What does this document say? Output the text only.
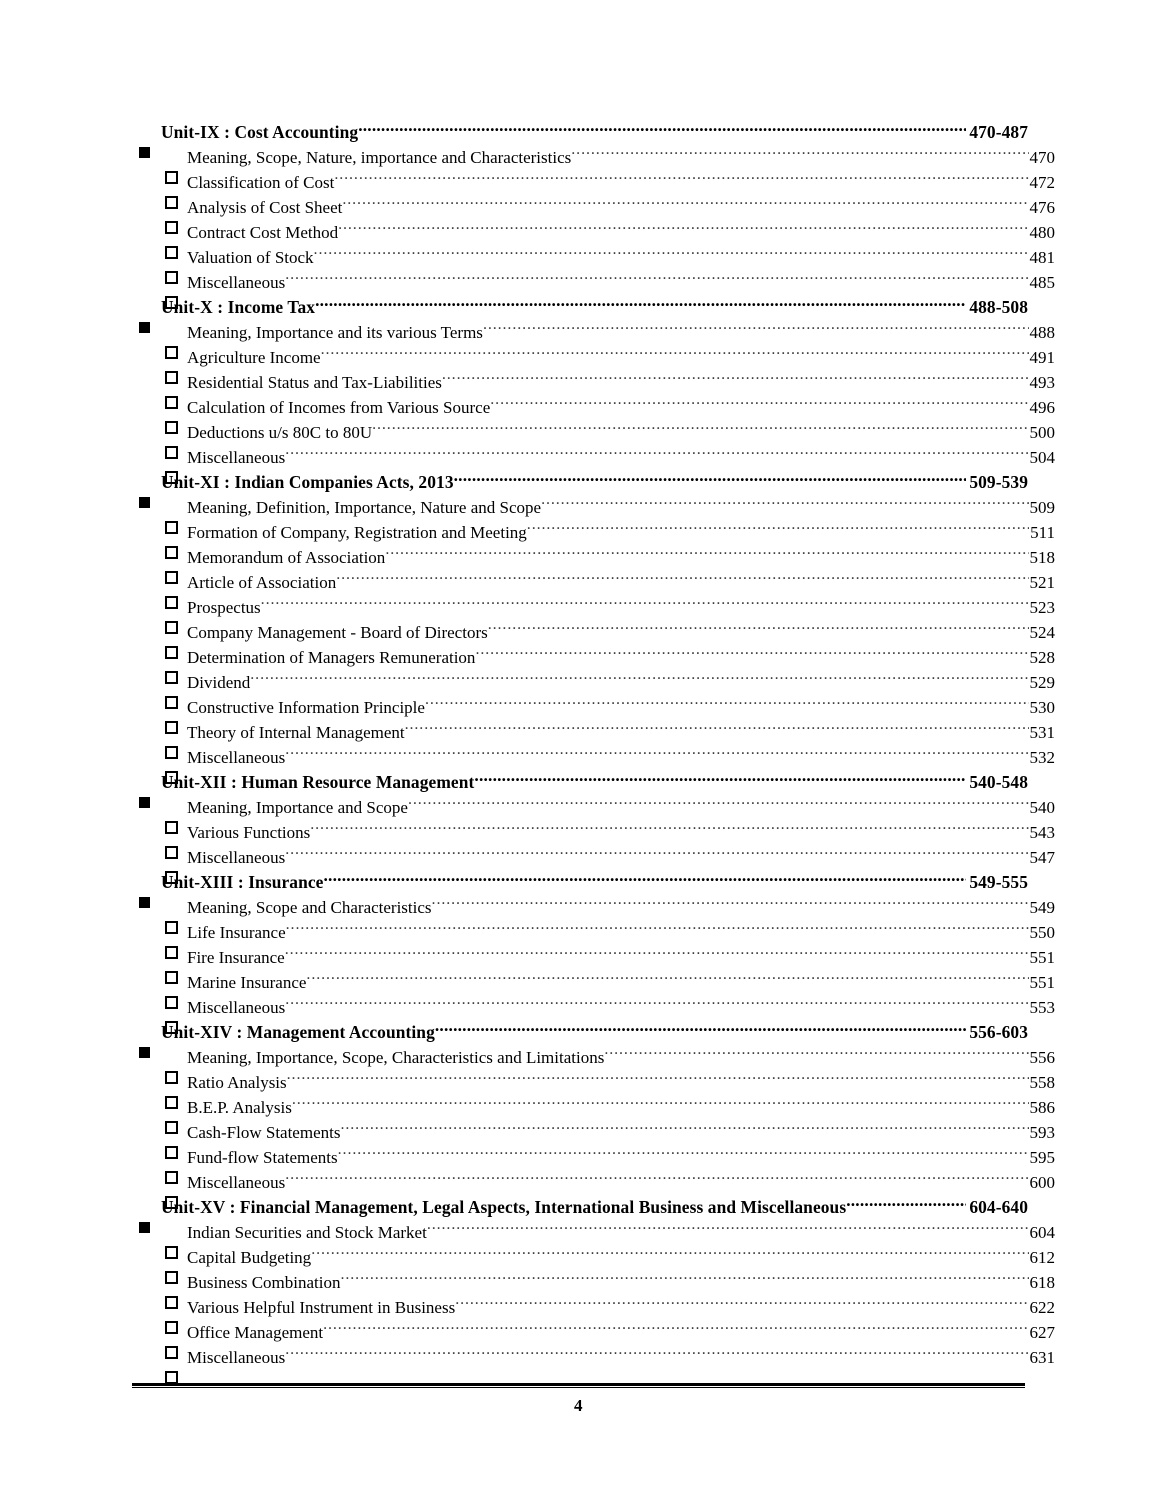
Unit-IX : Cost Accounting .....	470-487
Meaning, Scope, Nature, importance and Characteristics .....	470
Classification of Cost .....	472
Analysis of Cost Sheet .....	476
Contract Cost Method .....	480
Valuation of Stock .....	481
Miscellaneous .....	485
Unit-X : Income Tax .....	488-508
Meaning, Importance and its various Terms .....	488
Agriculture Income .....	491
Residential Status and Tax-Liabilities .....	493
Calculation of Incomes from Various Source .....	496
Deductions u/s 80C to 80U .....	500
Miscellaneous .....	504
Unit-XI : Indian Companies Acts, 2013 .....	509-539
Meaning, Definition, Importance, Nature and Scope .....	509
Formation of Company, Registration and Meeting .....	511
Memorandum of Association .....	518
Article of Association .....	521
Prospectus .....	523
Company Management - Board of Directors .....	524
Determination of Managers Remuneration .....	528
Dividend .....	529
Constructive Information Principle .....	530
Theory of Internal Management .....	531
Miscellaneous .....	532
Unit-XII : Human Resource Management .....	540-548
Meaning, Importance and Scope .....	540
Various Functions .....	543
Miscellaneous .....	547
Unit-XIII : Insurance .....	549-555
Meaning, Scope and Characteristics .....	549
Life Insurance .....	550
Fire Insurance .....	551
Marine Insurance .....	551
Miscellaneous .....	553
Unit-XIV : Management Accounting .....	556-603
Meaning, Importance, Scope, Characteristics and Limitations .....	556
Ratio Analysis .....	558
B.E.P. Analysis .....	586
Cash-Flow Statements .....	593
Fund-flow Statements .....	595
Miscellaneous .....	600
Unit-XV : Financial Management, Legal Aspects, International Business and Miscellaneous .....	604-640
Indian Securities and Stock Market .....	604
Capital Budgeting .....	612
Business Combination .....	618
Various Helpful Instrument in Business .....	622
Office Management .....	627
Miscellaneous .....	631
4
